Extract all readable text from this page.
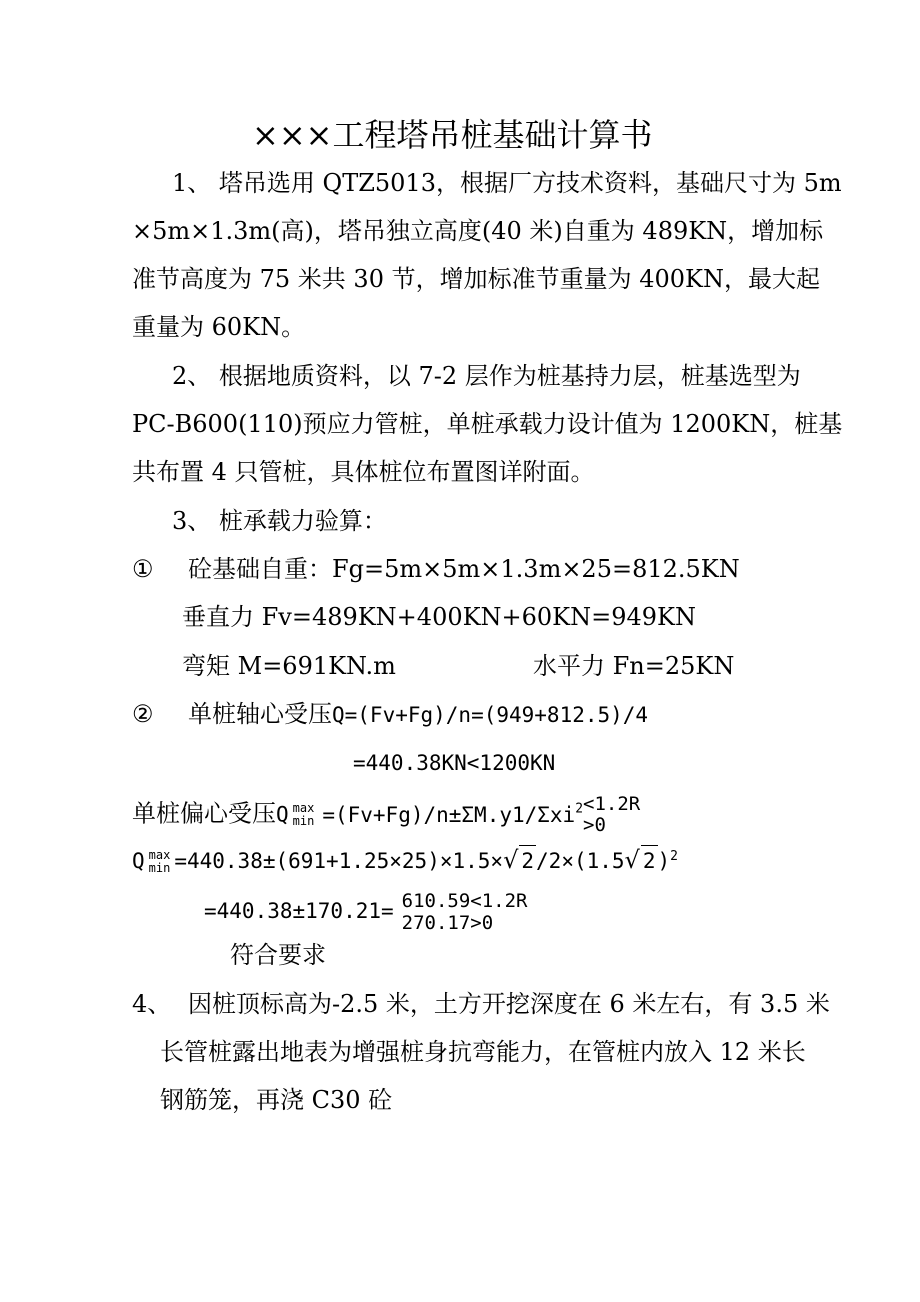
×××工程塔吊桩基础计算书
1、 塔吊选用 QTZ5013，根据厂方技术资料，基础尺寸为 5m
×5m×1.3m(高)，塔吊独立高度(40 米)自重为 489KN，增加标
准节高度为 75 米共 30 节，增加标准节重量为 400KN，最大起
重量为 60KN。
2、 根据地质资料，以 7-2 层作为桩基持力层，桩基选型为
PC-B600(110)预应力管桩，单桩承载力设计值为 1200KN，桩基
共布置 4 只管桩，具体桩位布置图详附面。
3、 桩承载力验算：
① 砼基础自重：Fg=5m×5m×1.3m×25=812.5KN
垂直力 Fv=489KN+400KN+60KN=949KN
弯矩 M=691KN.m	水平力 Fn=25KN
② 单桩轴心受压Q=(Fv+Fg)/n=(949+812.5)/4
=440.38KN<1200KN
单桩偏心受压Q max
min =(Fv+Fg)/n±ΣM.y1/Σxi$^2$ <1.2R
>0
Q max
min =440.38±(691+1.25×25)×1.5×√ 2/2×(1.5√ 2)$^2$
=440.38±170.21= 610.59<1.2R
270.17>0
符合要求
4、 因桩顶标高为-2.5 米，土方开挖深度在 6 米左右，有 3.5 米
长管桩露出地表为增强桩身抗弯能力，在管桩内放入 12 米长
钢筋笼，再浇 C30 砼
